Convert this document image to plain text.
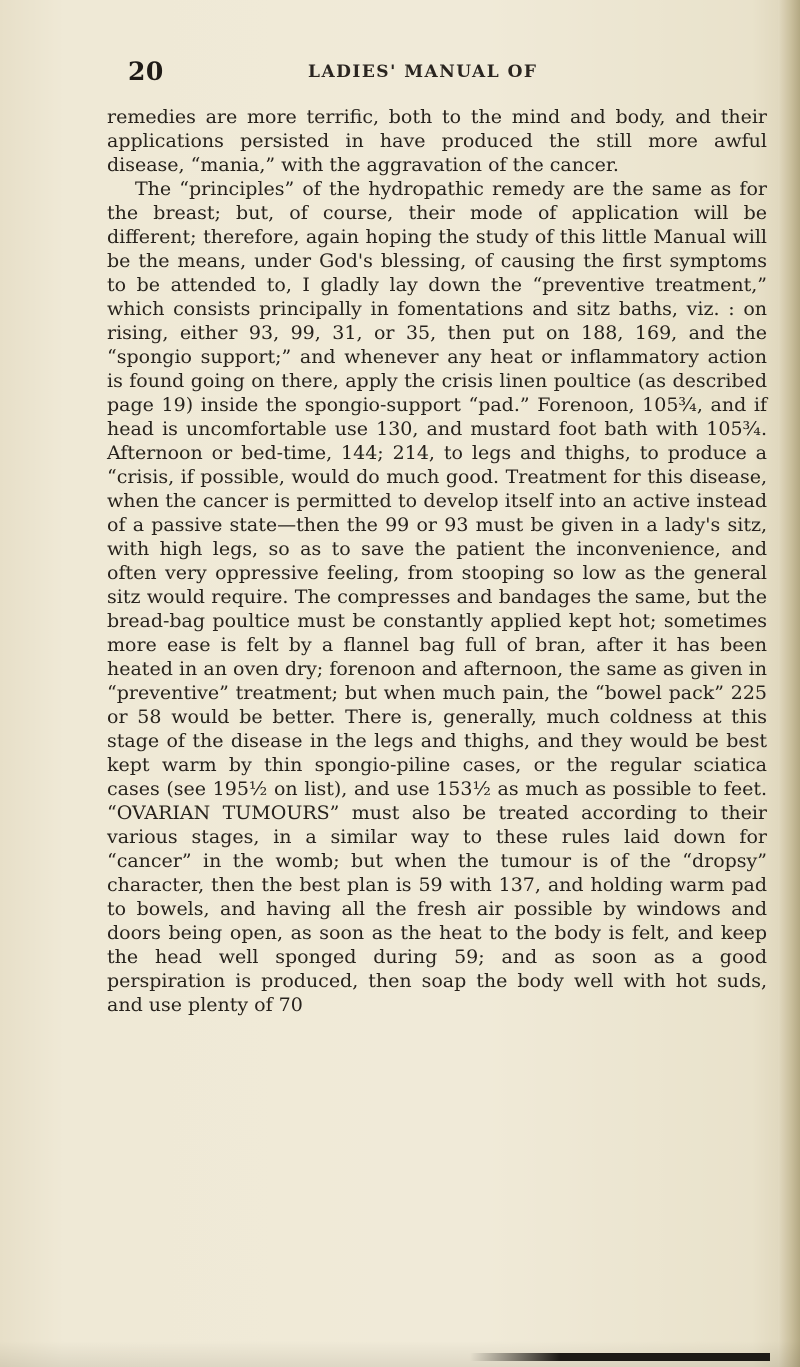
20	LADIES' MANUAL OF

remedies are more terrific, both to the mind and body, and their applications persisted in have produced the still more awful disease, “mania,” with the aggravation of the cancer.

The “principles” of the hydropathic remedy are the same as for the breast; but, of course, their mode of application will be different; therefore, again hoping the study of this little Manual will be the means, under God's blessing, of causing the first symptoms to be attended to, I gladly lay down the “preventive treatment,” which consists principally in fomentations and sitz baths, viz. : on rising, either 93, 99, 31, or 35, then put on 188, 169, and the “spongio support;” and whenever any heat or inflammatory action is found going on there, apply the crisis linen poultice (as described page 19) inside the spongio-support “pad.” Forenoon, 105¾, and if head is uncomfortable use 130, and mustard foot bath with 105¾. Afternoon or bed-time, 144; 214, to legs and thighs, to produce a “crisis, if possible, would do much good. Treatment for this disease, when the cancer is permitted to develop itself into an active instead of a passive state—then the 99 or 93 must be given in a lady's sitz, with high legs, so as to save the patient the inconvenience, and often very oppressive feeling, from stooping so low as the general sitz would require. The compresses and bandages the same, but the bread-bag poultice must be constantly applied kept hot; sometimes more ease is felt by a flannel bag full of bran, after it has been heated in an oven dry; forenoon and afternoon, the same as given in “preventive” treatment; but when much pain, the “bowel pack” 225 or 58 would be better. There is, generally, much coldness at this stage of the disease in the legs and thighs, and they would be best kept warm by thin spongio-piline cases, or the regular sciatica cases (see 195½ on list), and use 153½ as much as possible to feet. “OVARIAN TUMOURS” must also be treated according to their various stages, in a similar way to these rules laid down for “cancer” in the womb; but when the tumour is of the “dropsy” character, then the best plan is 59 with 137, and holding warm pad to bowels, and having all the fresh air possible by windows and doors being open, as soon as the heat to the body is felt, and keep the head well sponged during 59; and as soon as a good perspiration is produced, then soap the body well with hot suds, and use plenty of 70
